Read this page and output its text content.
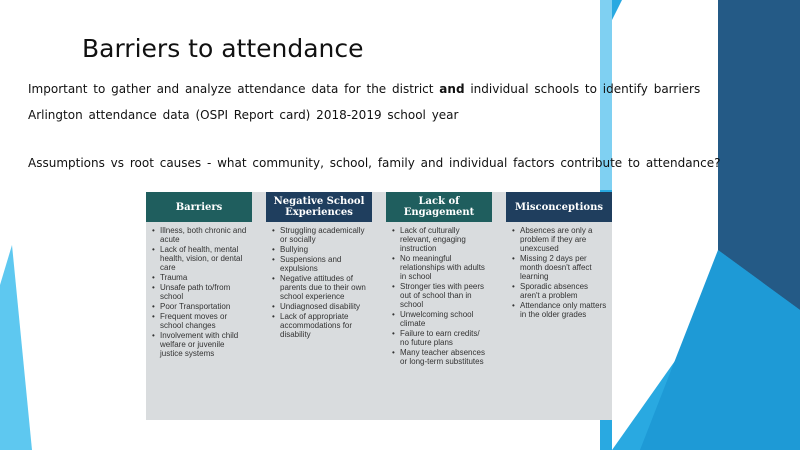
Barriers to attendance
Important to gather and analyze attendance data for the district and individual schools to identify barriers
Arlington attendance data (OSPI Report card) 2018-2019 school year
Assumptions vs root causes - what community, school, family and individual factors contribute to attendance?
Barriers
• Illness, both chronic and acute
• Lack of health, mental health, vision, or dental care
• Trauma
• Unsafe path to/from school
• Poor Transportation
• Frequent moves or school changes
• Involvement with child welfare or juvenile justice systems
Negative School Experiences
• Struggling academically or socially
• Bullying
• Suspensions and expulsions
• Negative attitudes of parents due to their own school experience
• Undiagnosed disability
• Lack of appropriate accommodations for disability
Lack of Engagement
• Lack of culturally relevant, engaging instruction
• No meaningful relationships with adults in school
• Stronger ties with peers out of school than in school
• Unwelcoming school climate
• Failure to earn credits/ no future plans
• Many teacher absences or long-term substitutes
Misconceptions
• Absences are only a problem if they are unexcused
• Missing 2 days per month doesn't affect learning
• Sporadic absences aren't a problem
• Attendance only matters in the older grades
